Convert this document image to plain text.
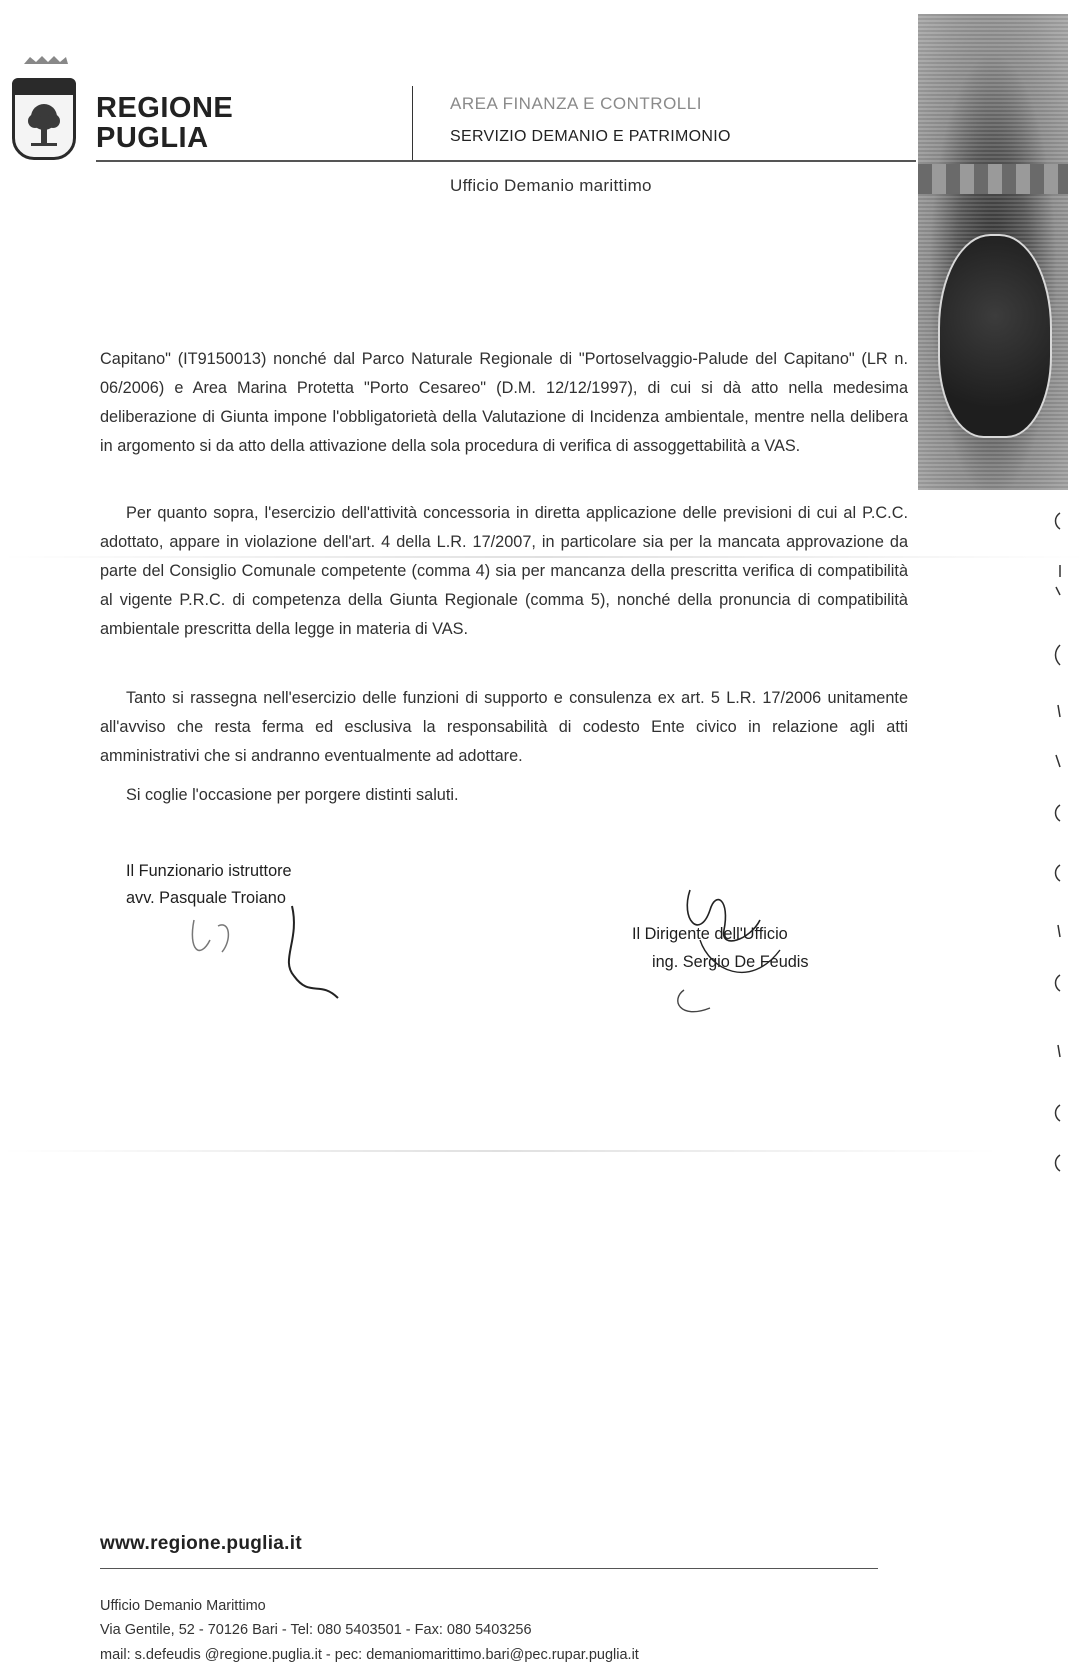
REGIONE
PUGLIA
AREA FINANZA E CONTROLLI
SERVIZIO DEMANIO E PATRIMONIO
Ufficio Demanio marittimo
Capitano" (IT9150013) nonché dal Parco Naturale Regionale di "Portoselvaggio-Palude del Capitano" (LR n. 06/2006) e Area Marina Protetta "Porto Cesareo" (D.M. 12/12/1997), di cui si dà atto nella medesima deliberazione di Giunta impone l'obbligatorietà della Valutazione di Incidenza ambientale, mentre nella delibera in argomento si da atto della attivazione della sola procedura di verifica di assoggettabilità a VAS.
Per quanto sopra, l'esercizio dell'attività concessoria in diretta applicazione delle previsioni di cui al P.C.C. adottato, appare in violazione dell'art. 4 della L.R. 17/2007, in particolare sia per la mancata approvazione da parte del Consiglio Comunale competente (comma 4) sia per mancanza della prescritta verifica di compatibilità al vigente P.R.C. di competenza della Giunta Regionale (comma 5), nonché della pronuncia di compatibilità ambientale prescritta della legge in materia di VAS.
Tanto si rassegna nell'esercizio delle funzioni di supporto e consulenza ex art. 5 L.R. 17/2006 unitamente all'avviso che resta ferma ed esclusiva la responsabilità di codesto Ente civico in relazione agli atti amministrativi che si andranno eventualmente ad adottare.
Si coglie l'occasione per porgere distinti saluti.
Il Funzionario istruttore
avv. Pasquale Troiano
Il Dirigente dell'Ufficio
ing. Sergio De Feudis
www.regione.puglia.it
Ufficio Demanio Marittimo
Via Gentile, 52 - 70126 Bari - Tel: 080 5403501 - Fax: 080 5403256
mail: s.defeudis @regione.puglia.it - pec: demaniomarittimo.bari@pec.rupar.puglia.it
